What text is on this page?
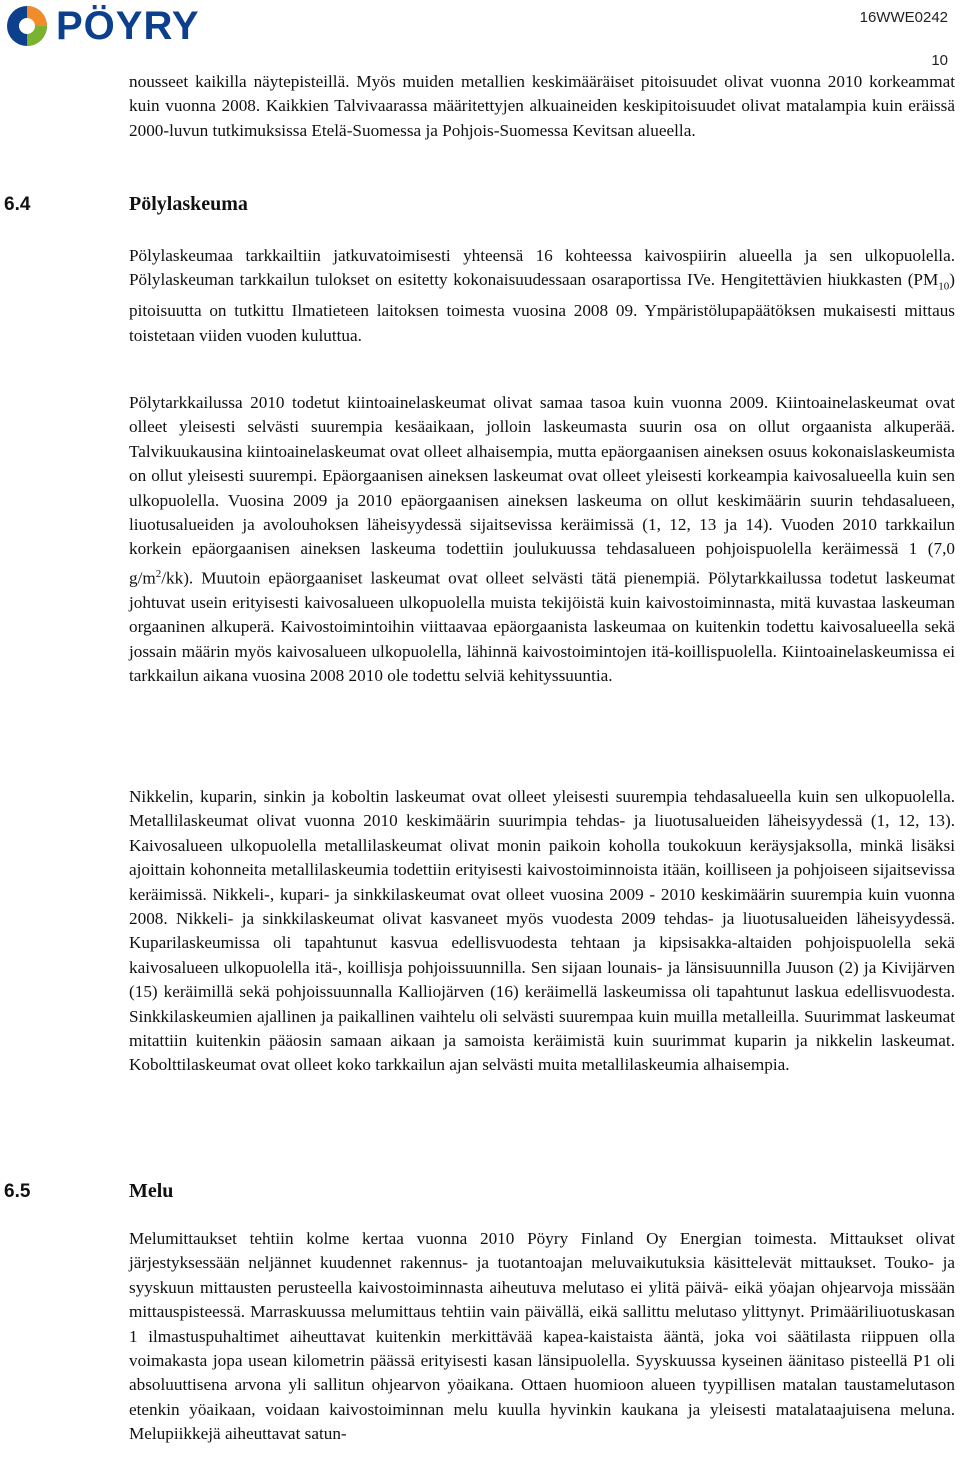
PÖYRY	16WWE0242
10

nousseet kaikilla näytepisteillä. Myös muiden metallien keskimääräiset pitoisuudet olivat vuonna 2010 korkeammat kuin vuonna 2008. Kaikkien Talvivaarassa määritettyjen alkuaineiden keskipitoisuudet olivat matalampia kuin eräissä 2000-luvun tutkimuksissa Etelä-Suomessa ja Pohjois-Suomessa Kevitsan alueella.

6.4	Pölylaskeuma

Pölylaskeumaa tarkkailtiin jatkuvatoimisesti yhteensä 16 kohteessa kaivospiirin alueella ja sen ulkopuolella. Pölylaskeuman tarkkailun tulokset on esitetty kokonaisuudessaan osaraportissa IVe. Hengitettävien hiukkasten $(PM_{10})$ pitoisuutta on tutkittu Ilmatieteen laitoksen toimesta vuosina 2008 09. Ympäristölupapäätöksen mukaisesti mittaus toistetaan viiden vuoden kuluttua.

Pölytarkkailussa 2010 todetut kiintoainelaskeumat olivat samaa tasoa kuin vuonna 2009. Kiintoainelaskeumat ovat olleet yleisesti selvästi suurempia kesäaikaan, jolloin laskeumasta suurin osa on ollut orgaanista alkuperää. Talvikuukausina kiintoainelaskeumat ovat olleet alhaisempia, mutta epäorgaanisen aineksen osuus kokonaislaskeumista on ollut yleisesti suurempi. Epäorgaanisen aineksen laskeumat ovat olleet yleisesti korkeampia kaivosalueella kuin sen ulkopuolella. Vuosina 2009 ja 2010 epäorgaanisen aineksen laskeuma on ollut keskimäärin suurin tehdasalueen, liuotusalueiden ja avolouhoksen läheisyydessä sijaitsevissa keräimissä (1, 12, 13 ja 14). Vuoden 2010 tarkkailun korkein epäorgaanisen aineksen laskeuma todettiin joulukuussa tehdasalueen pohjoispuolella keräimessä 1 (7,0 $g/m^2/kk$). Muutoin epäorgaaniset laskeumat ovat olleet selvästi tätä pienempiä. Pölytarkkailussa todetut laskeumat johtuvat usein erityisesti kaivosalueen ulkopuolella muista tekijöistä kuin kaivostoiminnasta, mitä kuvastaa laskeuman orgaaninen alkuperä. Kaivostoimintoihin viittaavaa epäorgaanista laskeumaa on kuitenkin todettu kaivosalueella sekä jossain määrin myös kaivosalueen ulkopuolella, lähinnä kaivostoimintojen itä-koillispuolella. Kiintoainelaskeumissa ei tarkkailun aikana vuosina 2008 2010 ole todettu selviä kehityssuuntia.

Nikkelin, kuparin, sinkin ja koboltin laskeumat ovat olleet yleisesti suurempia tehdasalueella kuin sen ulkopuolella. Metallilaskeumat olivat vuonna 2010 keskimäärin suurimpia tehdas- ja liuotusalueiden läheisyydessä (1, 12, 13). Kaivosalueen ulkopuolella metallilaskeumat olivat monin paikoin koholla toukokuun keräysjaksolla, minkä lisäksi ajoittain kohonneita metallilaskeumia todettiin erityisesti kaivostoiminnoista itään, koilliseen ja pohjoiseen sijaitsevissa keräimissä. Nikkeli-, kupari- ja sinkkilaskeumat ovat olleet vuosina 2009 - 2010 keskimäärin suurempia kuin vuonna 2008. Nikkeli- ja sinkkilaskeumat olivat kasvaneet myös vuodesta 2009 tehdas- ja liuotusalueiden läheisyydessä. Kuparilaskeumissa oli tapahtunut kasvua edellisvuodesta tehtaan ja kipsisakka-altaiden pohjoispuolella sekä kaivosalueen ulkopuolella itä-, koillisja pohjoissuunnilla. Sen sijaan lounais- ja länsisuunnilla Juuson (2) ja Kivijärven (15) keräimillä sekä pohjoissuunnalla Kalliojärven (16) keräimellä laskeumissa oli tapahtunut laskua edellisvuodesta. Sinkkilaskeumien ajallinen ja paikallinen vaihtelu oli selvästi suurempaa kuin muilla metalleilla. Suurimmat laskeumat mitattiin kuitenkin pääosin samaan aikaan ja samoista keräimistä kuin suurimmat kuparin ja nikkelin laskeumat. Kobolttilaskeumat ovat olleet koko tarkkailun ajan selvästi muita metallilaskeumia alhaisempia.

6.5	Melu

Melumittaukset tehtiin kolme kertaa vuonna 2010 Pöyry Finland Oy Energian toimesta. Mittaukset olivat järjestyksessään neljännet kuudennet rakennus- ja tuotantoajan meluvaikutuksia käsittelevät mittaukset. Touko- ja syyskuun mittausten perusteella kaivostoiminnasta aiheutuva melutaso ei ylitä päivä- eikä yöajan ohjearvoja missään mittauspisteessä. Marraskuussa melumittaus tehtiin vain päivällä, eikä sallittu melutaso ylittynyt. Primääriliuotuskasan 1 ilmastuspuhaltimet aiheuttavat kuitenkin merkittävää kapea-kaistaista ääntä, joka voi säätilasta riippuen olla voimakasta jopa usean kilometrin päässä erityisesti kasan länsipuolella. Syyskuussa kyseinen äänitaso pisteellä P1 oli absoluuttisena arvona yli sallitun ohjearvon yöaikana. Ottaen huomioon alueen tyypillisen matalan taustamelutason etenkin yöaikaan, voidaan kaivostoiminnan melu kuulla hyvinkin kaukana ja yleisesti matalataajuisena meluna. Melupiikkejä aiheuttavat satun-
